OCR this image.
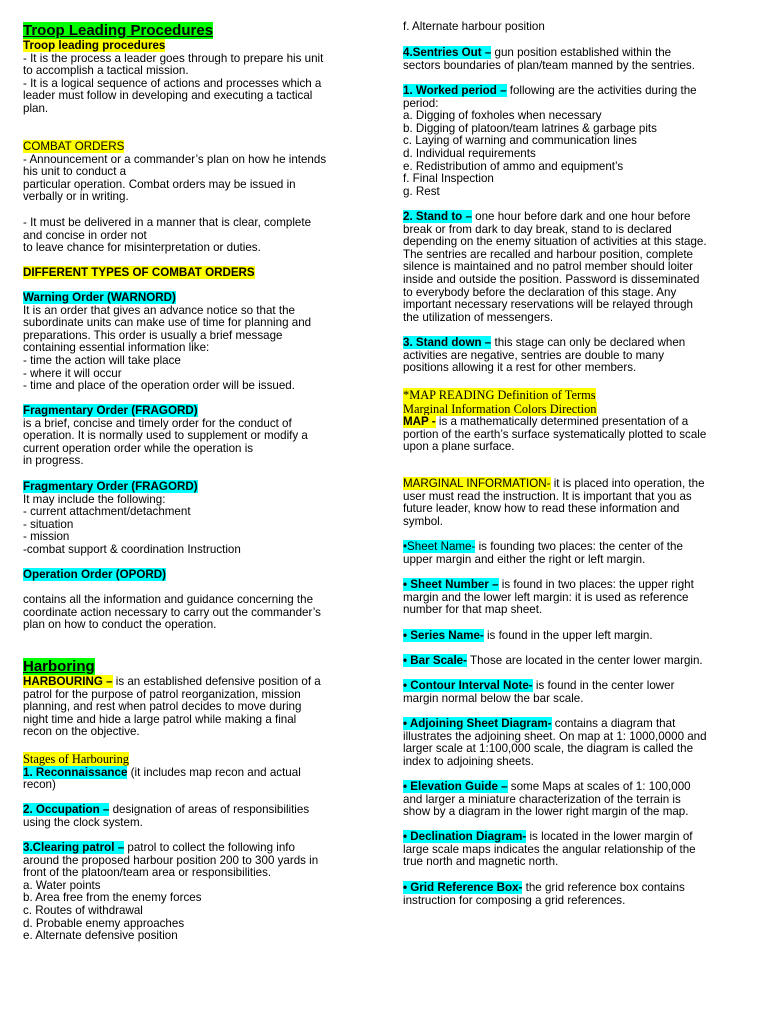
Troop Leading Procedures
Troop leading procedures
- It is the process a leader goes through to prepare his unit
to accomplish a tactical mission.
- It is a logical sequence of actions and processes which a
leader must follow in developing and executing a tactical
plan.
COMBAT ORDERS
- Announcement or a commander’s plan on how he intends
his unit to conduct a
particular operation. Combat orders may be issued in
verbally or in writing.
- It must be delivered in a manner that is clear, complete
and concise in order not
to leave chance for misinterpretation or duties.
DIFFERENT TYPES OF COMBAT ORDERS
Warning Order (WARNORD)
It is an order that gives an advance notice so that the
subordinate units can make use of time for planning and
preparations. This order is usually a brief message
containing essential information like:
- time the action will take place
- where it will occur
- time and place of the operation order will be issued.
Fragmentary Order (FRAGORD)
is a brief, concise and timely order for the conduct of
operation. It is normally used to supplement or modify a
current operation order while the operation is
in progress.
Fragmentary Order (FRAGORD)
It may include the following:
- current attachment/detachment
- situation
- mission
-combat support & coordination Instruction
Operation Order (OPORD)
contains all the information and guidance concerning the
coordinate action necessary to carry out the commander’s
plan on how to conduct the operation.
Harboring
HARBOURING – is an established defensive position of a
patrol for the purpose of patrol reorganization, mission
planning, and rest when patrol decides to move during
night time and hide a large patrol while making a final
recon on the objective.
Stages of Harbouring
1. Reconnaissance (it includes map recon and actual
recon)
2. Occupation – designation of areas of responsibilities
using the clock system.
3.Clearing patrol – patrol to collect the following info
around the proposed harbour position 200 to 300 yards in
front of the platoon/team area or responsibilities.
a. Water points
b. Area free from the enemy forces
c. Routes of withdrawal
d. Probable enemy approaches
e. Alternate defensive position
f. Alternate harbour position
4.Sentries Out – gun position established within the
sectors boundaries of plan/team manned by the sentries.
1. Worked period – following are the activities during the
period:
a. Digging of foxholes when necessary
b. Digging of platoon/team latrines & garbage pits
c. Laying of warning and communication lines
d. Individual requirements
e. Redistribution of ammo and equipment’s
f. Final Inspection
g. Rest
2. Stand to – one hour before dark and one hour before
break or from dark to day break, stand to is declared
depending on the enemy situation of activities at this stage.
The sentries are recalled and harbour position, complete
silence is maintained and no patrol member should loiter
inside and outside the position. Password is disseminated
to everybody before the declaration of this stage. Any
important necessary reservations will be relayed through
the utilization of messengers.
3. Stand down – this stage can only be declared when
activities are negative, sentries are double to many
positions allowing it a rest for other members.
*MAP READING Definition of Terms
Marginal Information Colors Direction
MAP - is a mathematically determined presentation of a
portion of the earth’s surface systematically plotted to scale
upon a plane surface.
MARGINAL INFORMATION- it is placed into operation, the
user must read the instruction. It is important that you as
future leader, know how to read these information and
symbol.
•Sheet Name- is founding two places: the center of the
upper margin and either the right or left margin.
• Sheet Number – is found in two places: the upper right
margin and the lower left margin: it is used as reference
number for that map sheet.
• Series Name- is found in the upper left margin.
• Bar Scale- Those are located in the center lower margin.
• Contour Interval Note- is found in the center lower
margin normal below the bar scale.
• Adjoining Sheet Diagram- contains a diagram that
illustrates the adjoining sheet. On map at 1: 1000,0000 and
larger scale at 1:100,000 scale, the diagram is called the
index to adjoining sheets.
• Elevation Guide – some Maps at scales of 1: 100,000
and larger a miniature characterization of the terrain is
show by a diagram in the lower right margin of the map.
• Declination Diagram- is located in the lower margin of
large scale maps indicates the angular relationship of the
true north and magnetic north.
• Grid Reference Box- the grid reference box contains
instruction for composing a grid references.
